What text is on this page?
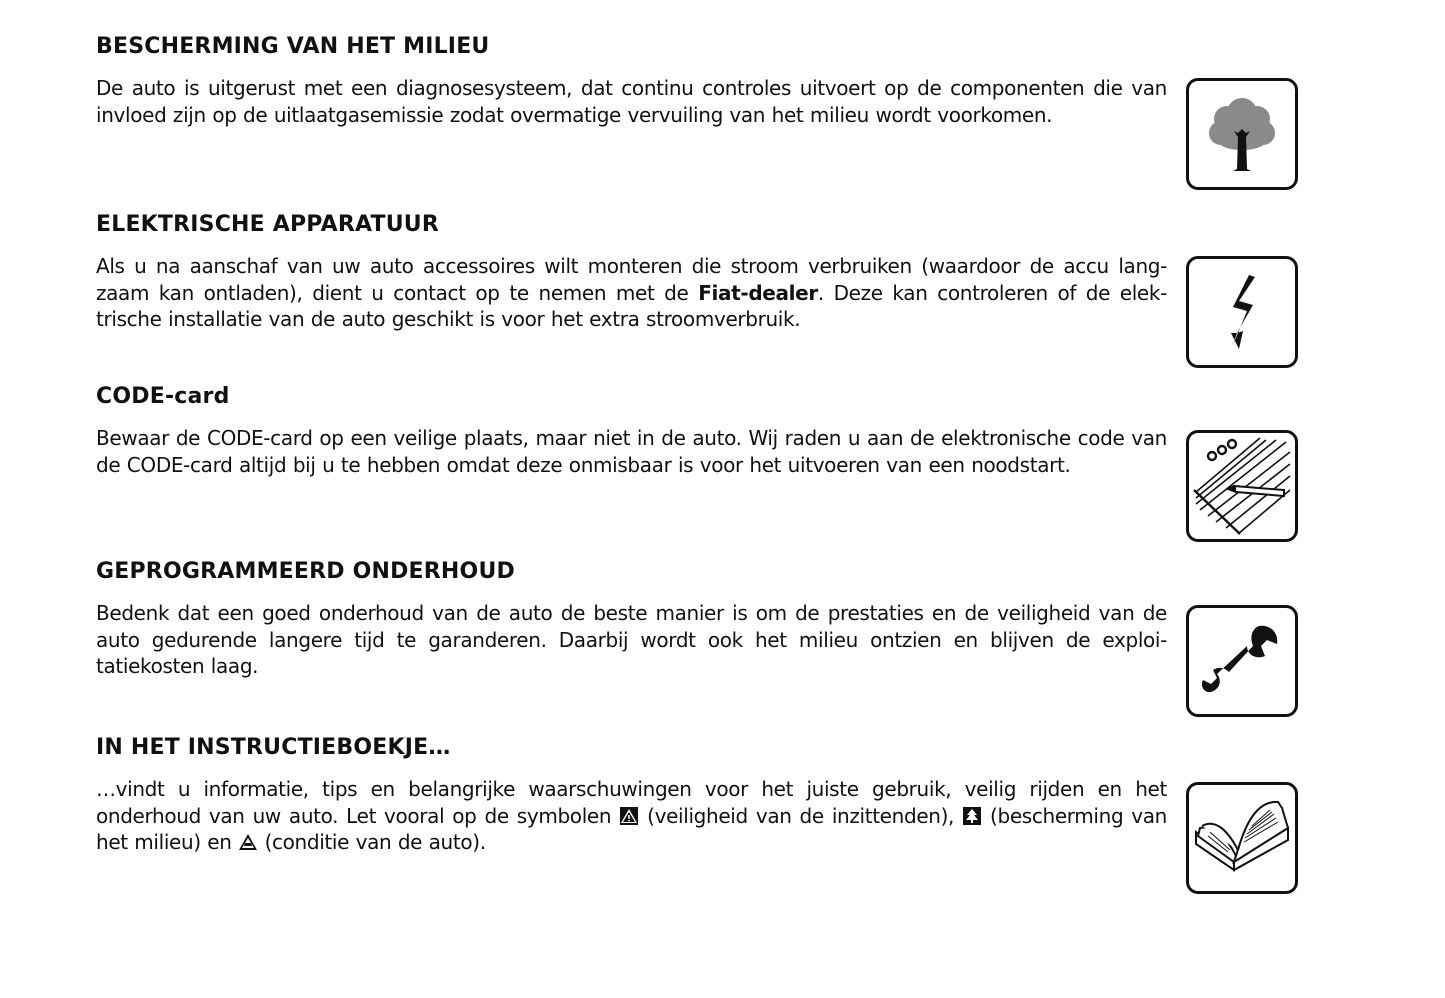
BESCHERMING VAN HET MILIEU

De auto is uitgerust met een diagnosesysteem, dat continu controles uitvoert op de componenten die van invloed zijn op de uitlaatgasemissie zodat overmatige vervuiling van het milieu wordt voorkomen.

ELEKTRISCHE APPARATUUR

Als u na aanschaf van uw auto accessoires wilt monteren die stroom verbruiken (waardoor de accu lang- zaam kan ontladen), dient u contact op te nemen met de Fiat-dealer. Deze kan controleren of de elek- trische installatie van de auto geschikt is voor het extra stroomverbruik.

CODE-card

Bewaar de CODE-card op een veilige plaats, maar niet in de auto. Wij raden u aan de elektronische code van de CODE-card altijd bij u te hebben omdat deze onmisbaar is voor het uitvoeren van een noodstart.

GEPROGRAMMEERD ONDERHOUD

Bedenk dat een goed onderhoud van de auto de beste manier is om de prestaties en de veiligheid van de auto gedurende langere tijd te garanderen. Daarbij wordt ook het milieu ontzien en blijven de exploi- tatiekosten laag.

IN HET INSTRUCTIEBOEKJE…

…vindt u informatie, tips en belangrijke waarschuwingen voor het juiste gebruik, veilig rijden en het onderhoud van uw auto. Let vooral op de symbolen  (veiligheid van de inzittenden),  (bescherming van het milieu) en  (conditie van de auto).
